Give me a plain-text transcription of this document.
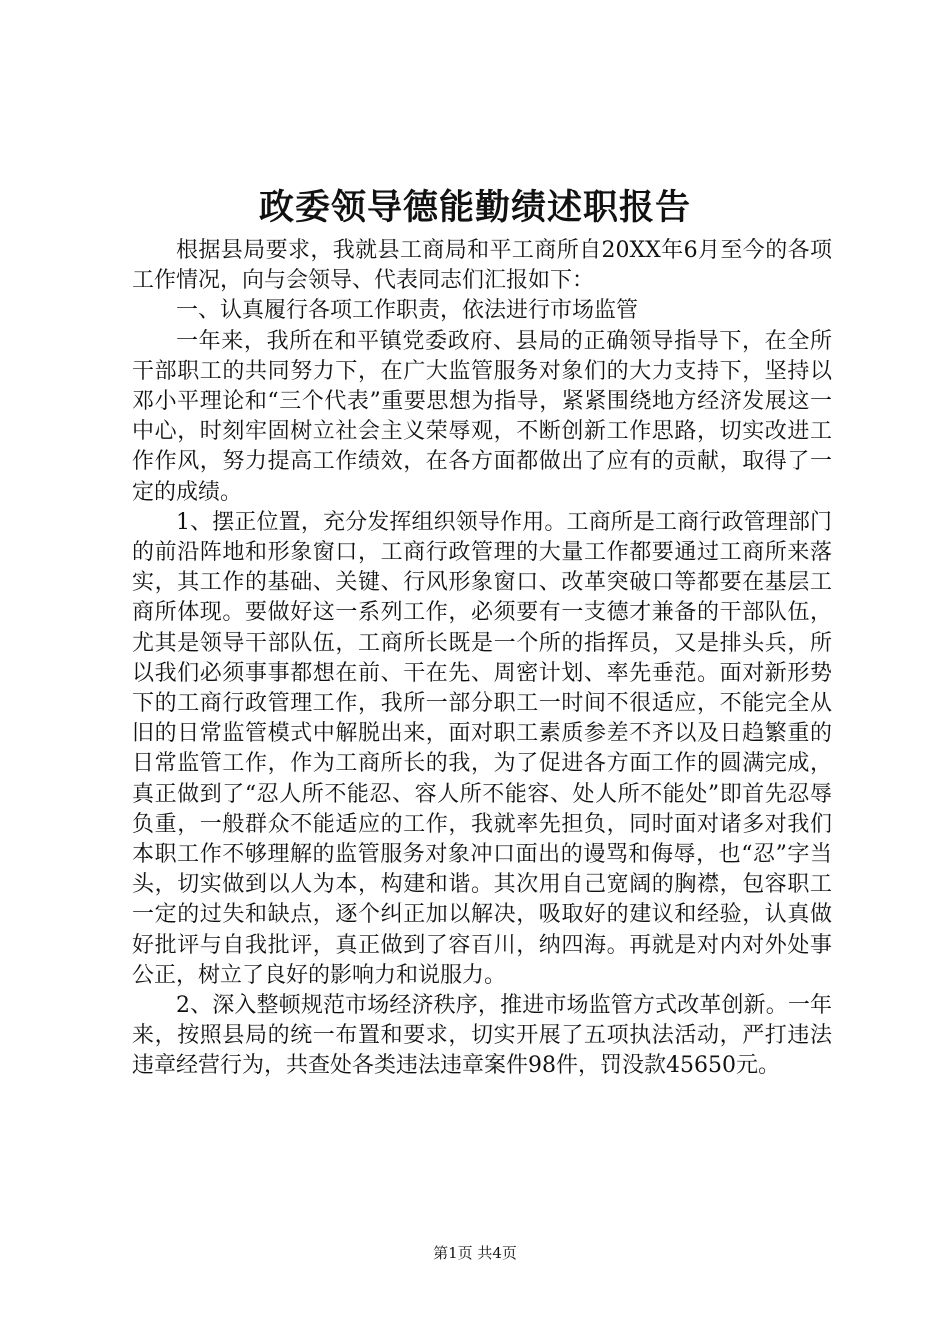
政委领导德能勤绩述职报告

根据县局要求，我就县工商局和平工商所自20XX年6月至今的各项工作情况，向与会领导、代表同志们汇报如下：

一、认真履行各项工作职责，依法进行市场监管

一年来，我所在和平镇党委政府、县局的正确领导指导下，在全所干部职工的共同努力下，在广大监管服务对象们的大力支持下，坚持以邓小平理论和“三个代表”重要思想为指导，紧紧围绕地方经济发展这一中心，时刻牢固树立社会主义荣辱观，不断创新工作思路，切实改进工作作风，努力提高工作绩效，在各方面都做出了应有的贡献，取得了一定的成绩。

1、摆正位置，充分发挥组织领导作用。工商所是工商行政管理部门的前沿阵地和形象窗口，工商行政管理的大量工作都要通过工商所来落实，其工作的基础、关键、行风形象窗口、改革突破口等都要在基层工商所体现。要做好这一系列工作，必须要有一支德才兼备的干部队伍，尤其是领导干部队伍，工商所长既是一个所的指挥员，又是排头兵，所以我们必须事事都想在前、干在先、周密计划、率先垂范。面对新形势下的工商行政管理工作，我所一部分职工一时间不很适应，不能完全从旧的日常监管模式中解脱出来，面对职工素质参差不齐以及日趋繁重的日常监管工作，作为工商所长的我，为了促进各方面工作的圆满完成，真正做到了“忍人所不能忍、容人所不能容、处人所不能处”即首先忍辱负重，一般群众不能适应的工作，我就率先担负，同时面对诸多对我们本职工作不够理解的监管服务对象冲口面出的谩骂和侮辱，也“忍”字当头，切实做到以人为本，构建和谐。其次用自己宽阔的胸襟，包容职工一定的过失和缺点，逐个纠正加以解决，吸取好的建议和经验，认真做好批评与自我批评，真正做到了容百川，纳四海。再就是对内对外处事公正，树立了良好的影响力和说服力。

2、深入整顿规范市场经济秩序，推进市场监管方式改革创新。一年来，按照县局的统一布置和要求，切实开展了五项执法活动，严打违法违章经营行为，共查处各类违法违章案件98件，罚没款45650元。

第1页 共4页
